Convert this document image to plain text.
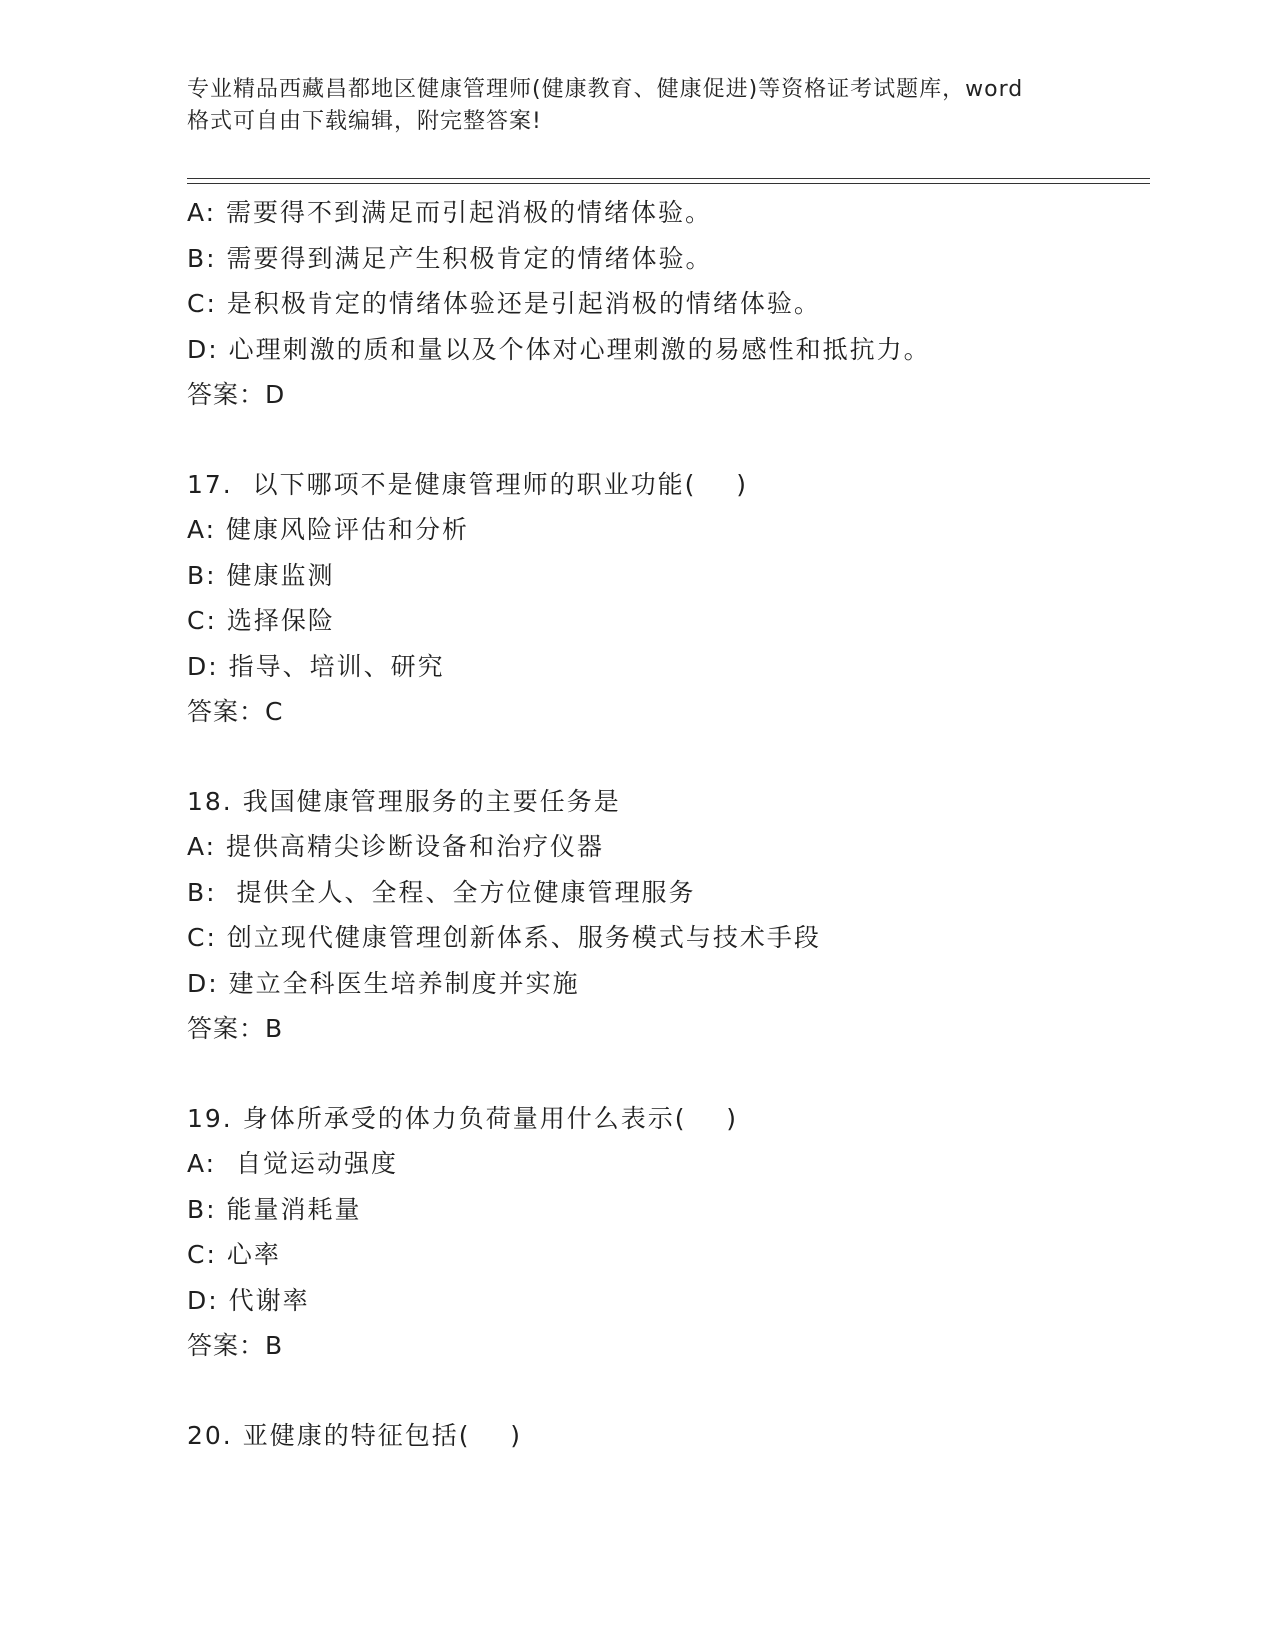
专业精品西藏昌都地区健康管理师(健康教育、健康促进)等资格证考试题库，word
格式可自由下载编辑，附完整答案!
A: 需要得不到满足而引起消极的情绪体验。
B: 需要得到满足产生积极肯定的情绪体验。
C: 是积极肯定的情绪体验还是引起消极的情绪体验。
D: 心理刺激的质和量以及个体对心理刺激的易感性和抵抗力。
答案：D
17.  以下哪项不是健康管理师的职业功能(    )
A: 健康风险评估和分析
B: 健康监测
C: 选择保险
D: 指导、培训、研究
答案：C
18. 我国健康管理服务的主要任务是
A: 提供高精尖诊断设备和治疗仪器
B:  提供全人、全程、全方位健康管理服务
C: 创立现代健康管理创新体系、服务模式与技术手段
D: 建立全科医生培养制度并实施
答案：B
19. 身体所承受的体力负荷量用什么表示(    )
A:  自觉运动强度
B: 能量消耗量
C: 心率
D: 代谢率
答案：B
20. 亚健康的特征包括(    )
